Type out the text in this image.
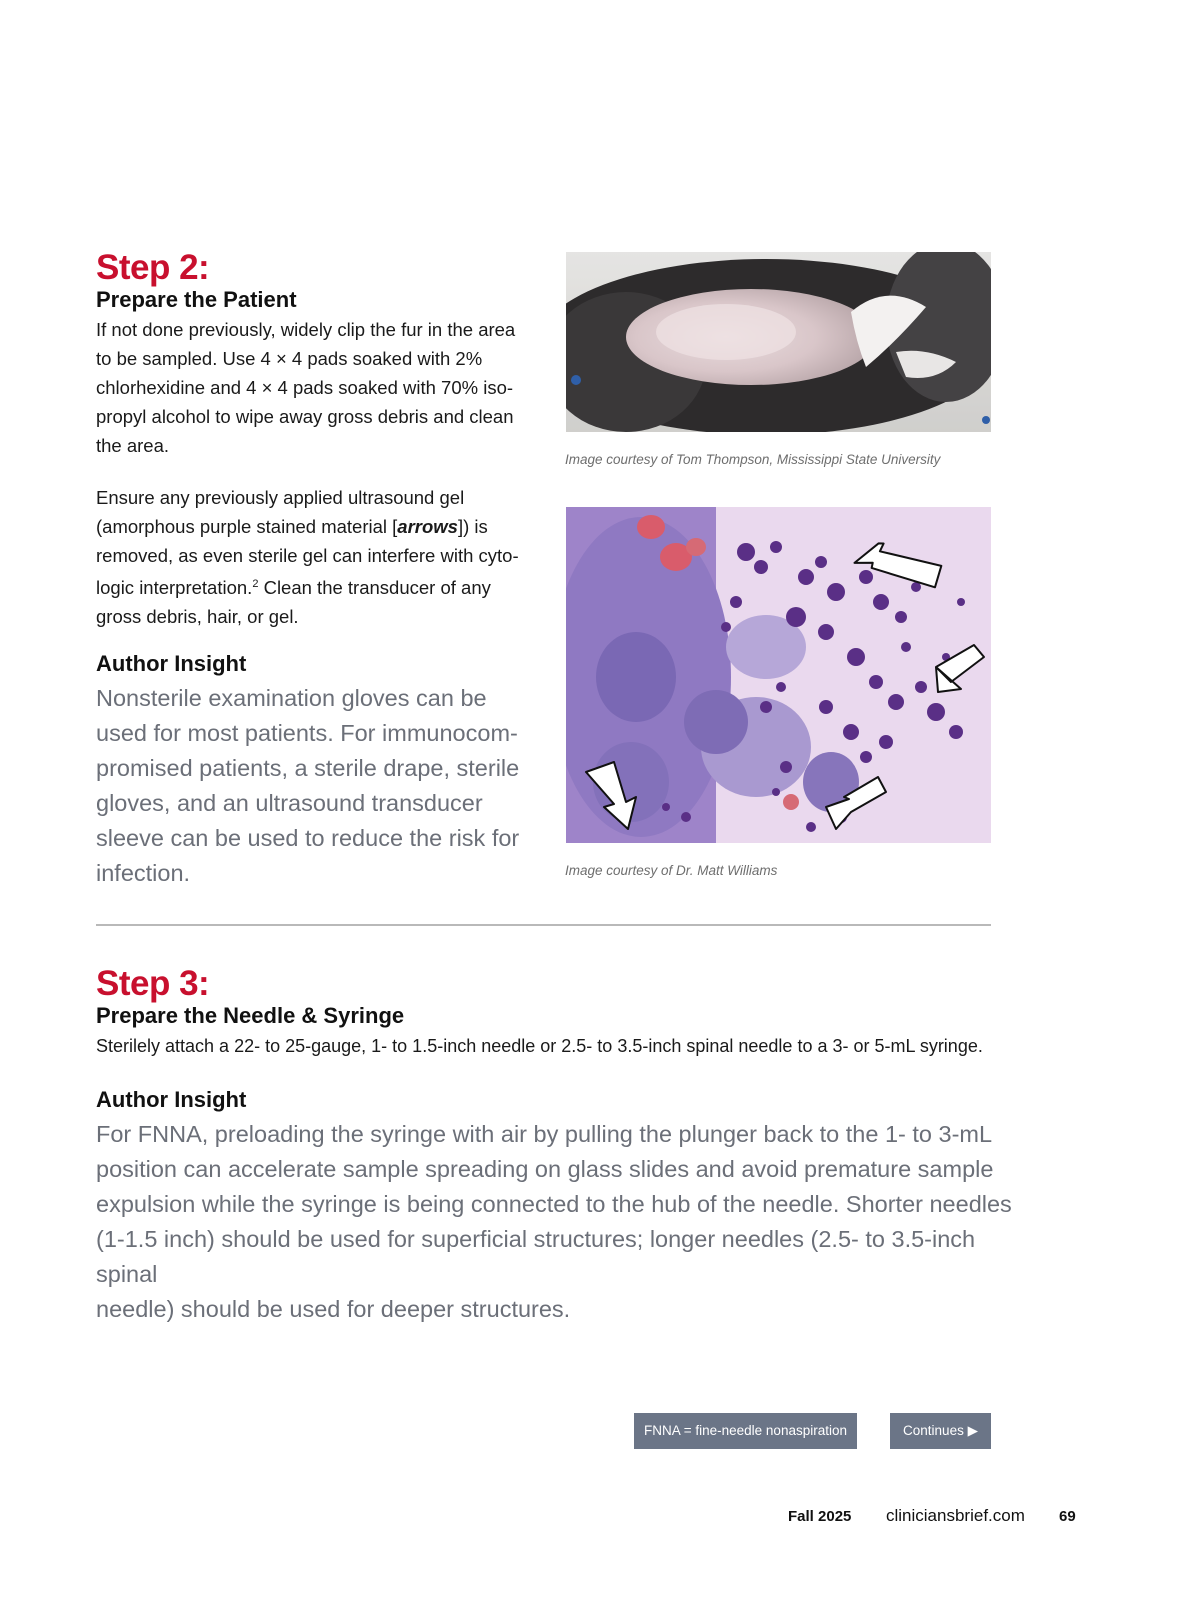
Step 2:
Prepare the Patient
If not done previously, widely clip the fur in the area
to be sampled. Use 4 × 4 pads soaked with 2%
chlorhexidine and 4 × 4 pads soaked with 70% iso-
propyl alcohol to wipe away gross debris and clean
the area.
Ensure any previously applied ultrasound gel
(amorphous purple stained material [arrows]) is
removed, as even sterile gel can interfere with cyto-
logic interpretation.$^2$ Clean the transducer of any
gross debris, hair, or gel.
Author Insight
Nonsterile examination gloves can be
used for most patients. For immunocom-
promised patients, a sterile drape, sterile
gloves, and an ultrasound transducer
sleeve can be used to reduce the risk for
infection.
Image courtesy of Tom Thompson, Mississippi State University
Image courtesy of Dr. Matt Williams
Step 3:
Prepare the Needle & Syringe
Sterilely attach a 22- to 25-gauge, 1- to 1.5-inch needle or 2.5- to 3.5-inch spinal needle to a 3- or 5-mL syringe.
Author Insight
For FNNA, preloading the syringe with air by pulling the plunger back to the 1- to 3-mL
position can accelerate sample spreading on glass slides and avoid premature sample
expulsion while the syringe is being connected to the hub of the needle. Shorter needles
(1-1.5 inch) should be used for superficial structures; longer needles (2.5- to 3.5-inch spinal
needle) should be used for deeper structures.
FNNA = fine-needle nonaspiration	Continues ▶
Fall 2025 cliniciansbrief.com 69
